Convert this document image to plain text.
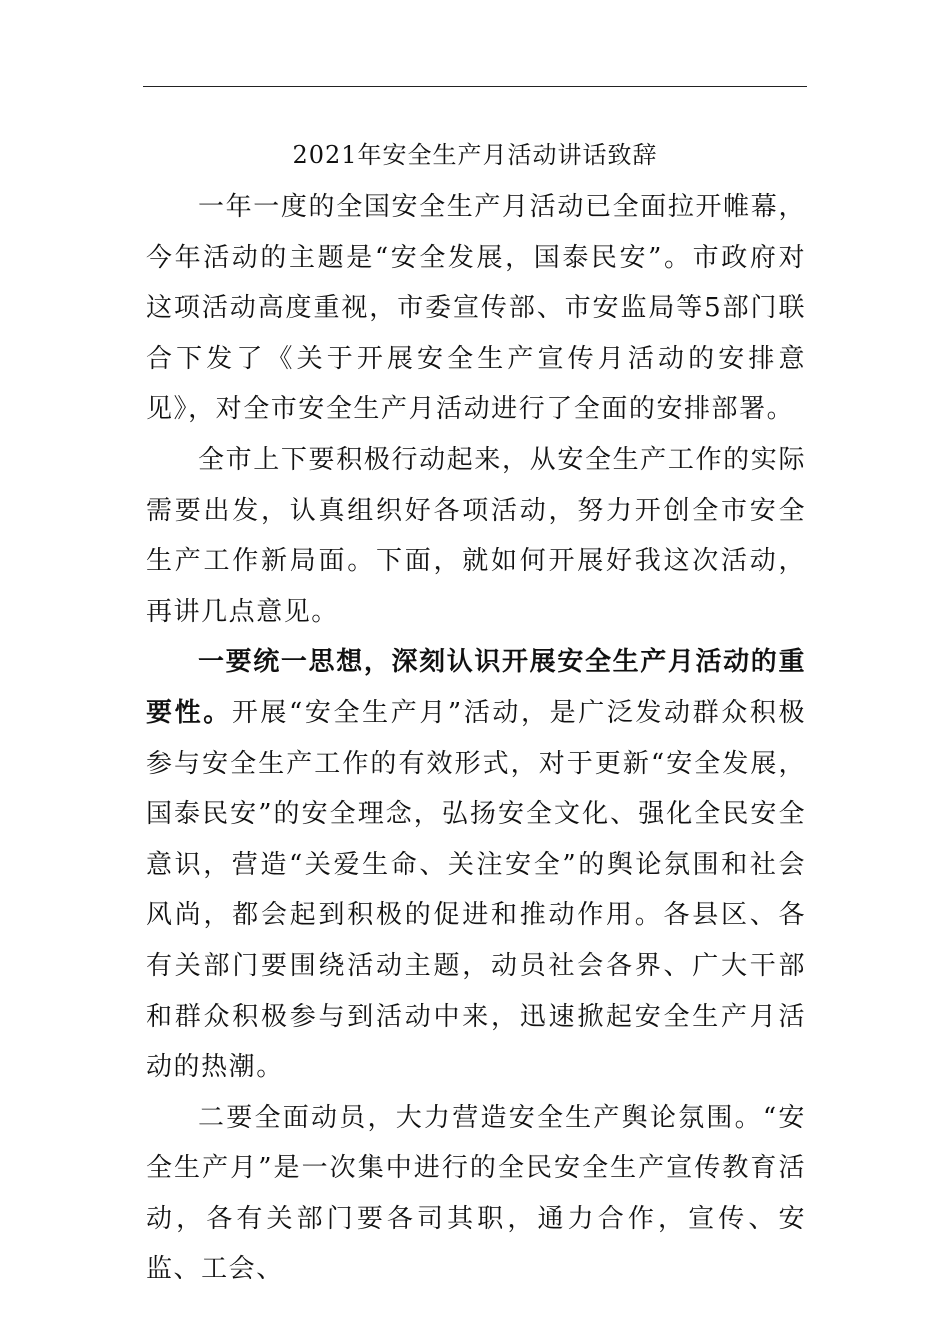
2021年安全生产月活动讲话致辞

一年一度的全国安全生产月活动已全面拉开帷幕，今年活动的主题是“安全发展，国泰民安”。市政府对这项活动高度重视，市委宣传部、市安监局等5部门联合下发了《关于开展安全生产宣传月活动的安排意见》，对全市安全生产月活动进行了全面的安排部署。

全市上下要积极行动起来，从安全生产工作的实际需要出发，认真组织好各项活动，努力开创全市安全生产工作新局面。下面，就如何开展好我这次活动，再讲几点意见。

一要统一思想，深刻认识开展安全生产月活动的重要性。开展“安全生产月”活动，是广泛发动群众积极参与安全生产工作的有效形式，对于更新“安全发展，国泰民安”的安全理念，弘扬安全文化、强化全民安全意识，营造“关爱生命、关注安全”的舆论氛围和社会风尚，都会起到积极的促进和推动作用。各县区、各有关部门要围绕活动主题，动员社会各界、广大干部和群众积极参与到活动中来，迅速掀起安全生产月活动的热潮。

二要全面动员，大力营造安全生产舆论氛围。“安全生产月”是一次集中进行的全民安全生产宣传教育活动，各有关部门要各司其职，通力合作，宣传、安监、工会、
